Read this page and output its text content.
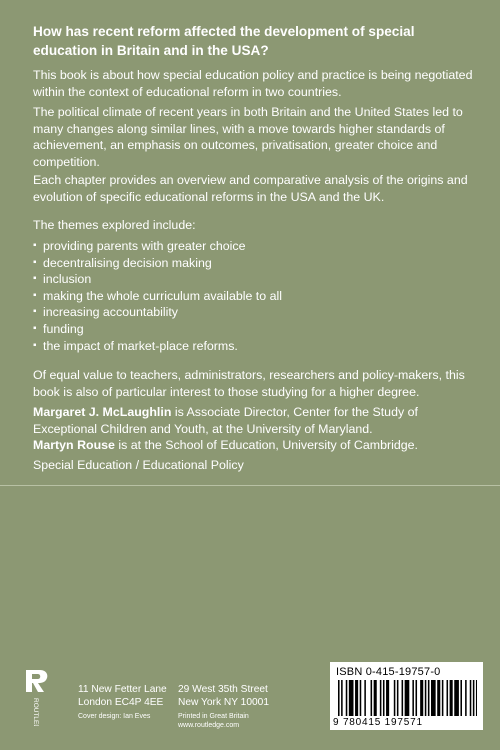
How has recent reform affected the development of special education in Britain and in the USA?
This book is about how special education policy and practice is being negotiated within the context of educational reform in two countries.
The political climate of recent years in both Britain and the United States led to many changes along similar lines, with a move towards higher standards of achievement, an emphasis on outcomes, privatisation, greater choice and competition.
Each chapter provides an overview and comparative analysis of the origins and evolution of specific educational reforms in the USA and the UK.
The themes explored include:
▪ providing parents with greater choice
▪ decentralising decision making
▪ inclusion
▪ making the whole curriculum available to all
▪ increasing accountability
▪ funding
▪ the impact of market-place reforms.
Of equal value to teachers, administrators, researchers and policy-makers, this book is also of particular interest to those studying for a higher degree.
Margaret J. McLaughlin is Associate Director, Center for the Study of Exceptional Children and Youth, at the University of Maryland.
Martyn Rouse is at the School of Education, University of Cambridge.
Special Education / Educational Policy
ROUTLEDGE
11 New Fetter Lane
London EC4P 4EE
29 West 35th Street
New York NY 10001
Cover design: Ian Eves	Printed in Great Britain
www.routledge.com
ISBN 0-415-19757-0
9 780415 197571
